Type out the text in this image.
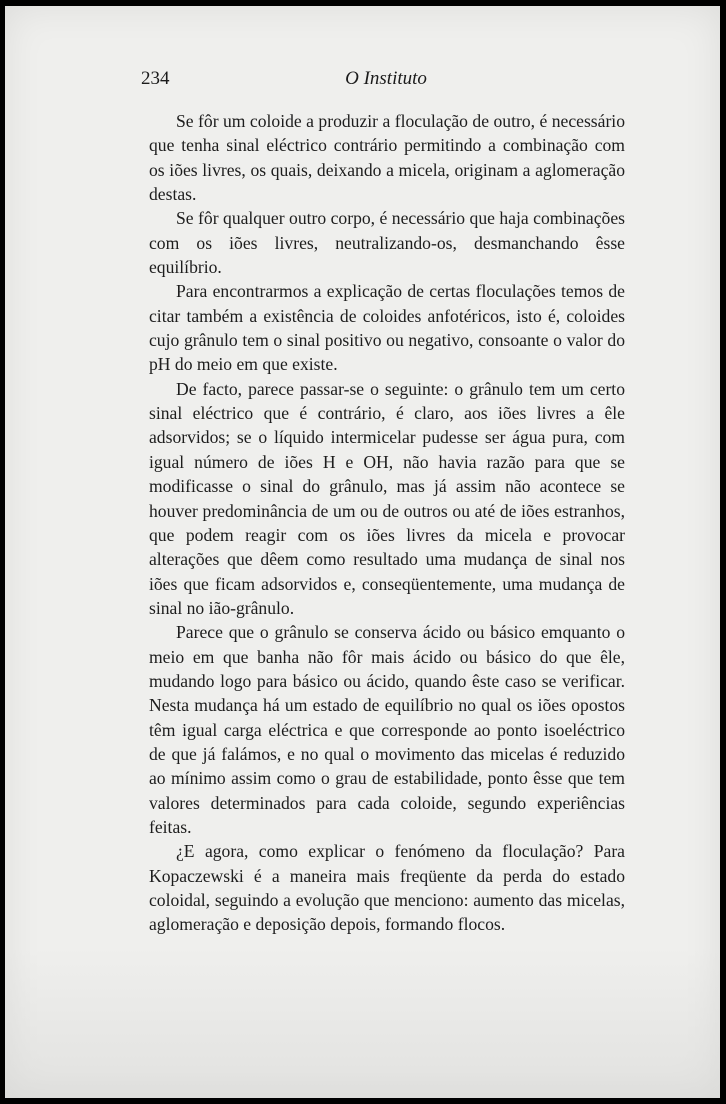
234	O Instituto

Se fôr um coloide a produzir a floculação de outro, é necessário que tenha sinal eléctrico contrário permitindo a combinação com os iões livres, os quais, deixando a micela, originam a aglomeração destas.

Se fôr qualquer outro corpo, é necessário que haja combinações com os iões livres, neutralizando-os, desmanchando êsse equilíbrio.

Para encontrarmos a explicação de certas floculações temos de citar também a existência de coloides anfotéricos, isto é, coloides cujo grânulo tem o sinal positivo ou negativo, consoante o valor do pH do meio em que existe.

De facto, parece passar-se o seguinte: o grânulo tem um certo sinal eléctrico que é contrário, é claro, aos iões livres a êle adsorvidos; se o líquido intermicelar pudesse ser água pura, com igual número de iões H e OH, não havia razão para que se modificasse o sinal do grânulo, mas já assim não acontece se houver predominância de um ou de outros ou até de iões estranhos, que podem reagir com os iões livres da micela e provocar alterações que dêem como resultado uma mudança de sinal nos iões que ficam adsorvidos e, conseqüentemente, uma mudança de sinal no ião-grânulo.

Parece que o grânulo se conserva ácido ou básico emquanto o meio em que banha não fôr mais ácido ou básico do que êle, mudando logo para básico ou ácido, quando êste caso se verificar. Nesta mudança há um estado de equilíbrio no qual os iões opostos têm igual carga eléctrica e que corresponde ao ponto isoeléctrico de que já falámos, e no qual o movimento das micelas é reduzido ao mínimo assim como o grau de estabilidade, ponto êsse que tem valores determinados para cada coloide, segundo experiências feitas.

¿E agora, como explicar o fenómeno da floculação? Para Kopaczewski é a maneira mais freqüente da perda do estado coloidal, seguindo a evolução que menciono: aumento das micelas, aglomeração e deposição depois, formando flocos.
